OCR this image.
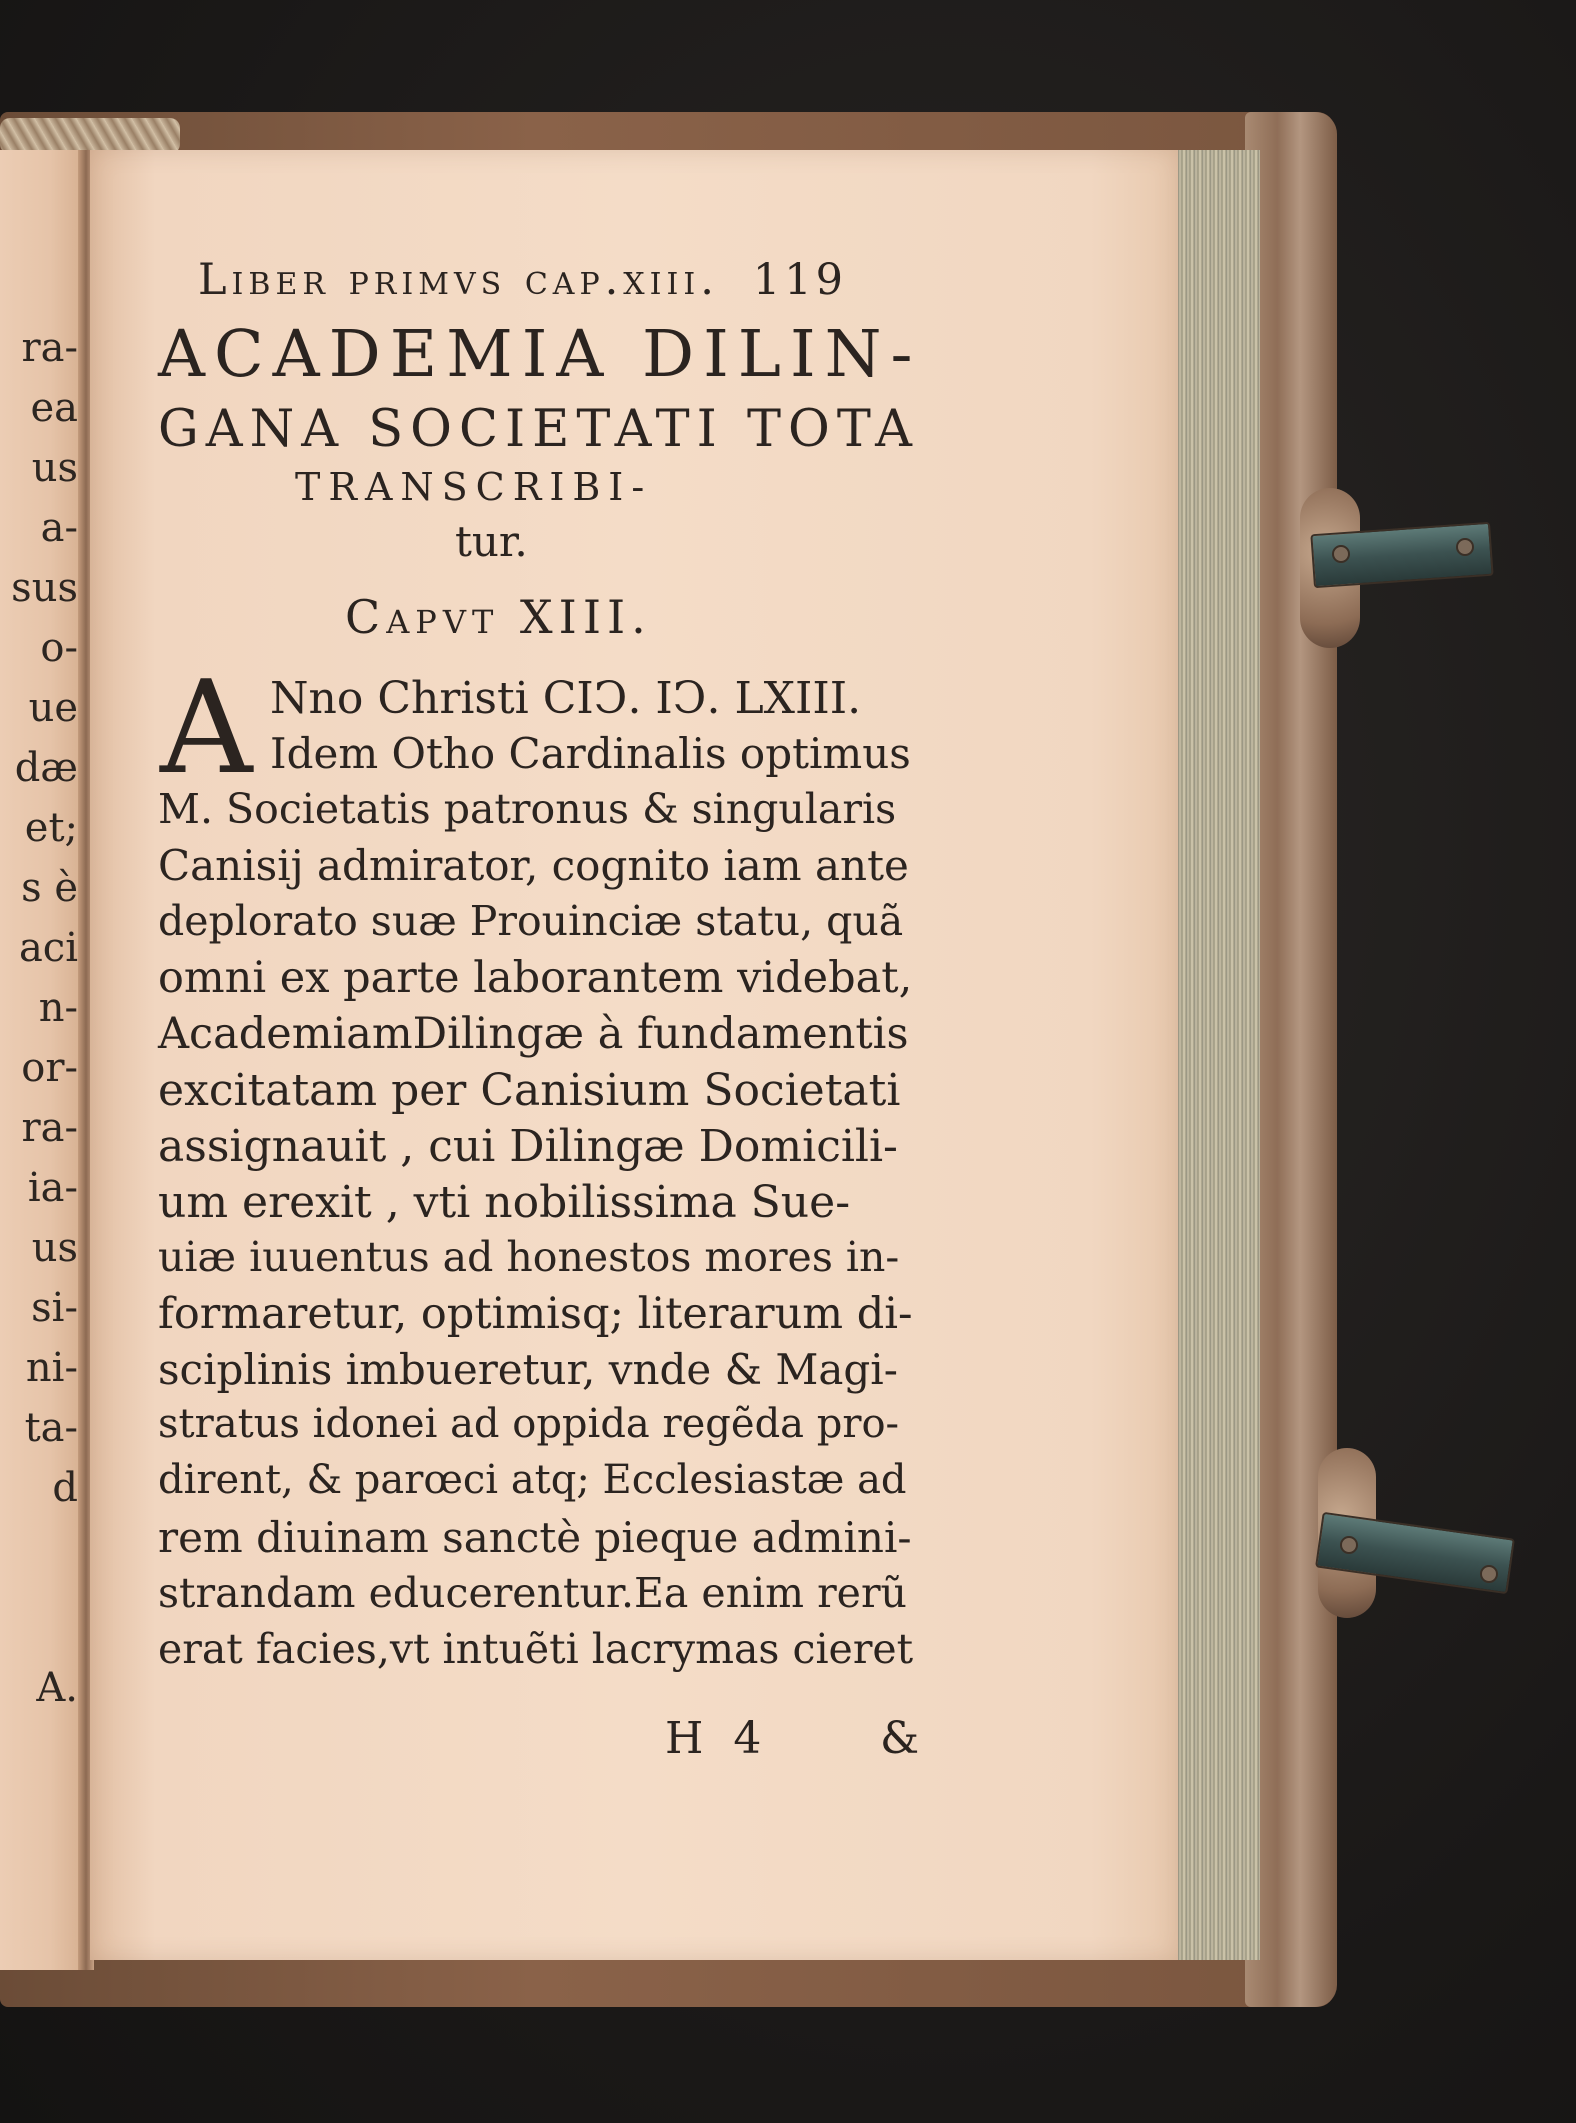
ra-
ea
us
a-
sus
o-
ue
dæ
et;
s è
aci
n-
or-
ra-
ia-
us
si-
ni-
ta-
d
A.
Liber primvs cap.xiii. 119
ACADEMIA DILIN-
GANA SOCIETATI TOTA
TRANSCRIBI-
tur.
Capvt XIII.
A Nno Christi CIↃ. IↃ. LXIII.
Idem Otho Cardinalis optimus
M. Societatis patronus & singularis
Canisij admirator, cognito iam ante
deplorato suæ Prouinciæ statu, quã
omni ex parte laborantem videbat,
AcademiamDilingæ à fundamentis
excitatam per Canisium Societati
assignauit , cui Dilingæ Domicili-
um erexit , vti nobilissima Sue-
uiæ iuuentus ad honestos mores in-
formaretur, optimisq; literarum di-
sciplinis imbueretur, vnde & Magi-
stratus idonei ad oppida regẽda pro-
dirent, & parœci atq; Ecclesiastæ ad
rem diuinam sanctè pieque admini-
strandam educerentur.Ea enim rerũ
erat facies,vt intuẽti lacrymas cieret
H 4	&
